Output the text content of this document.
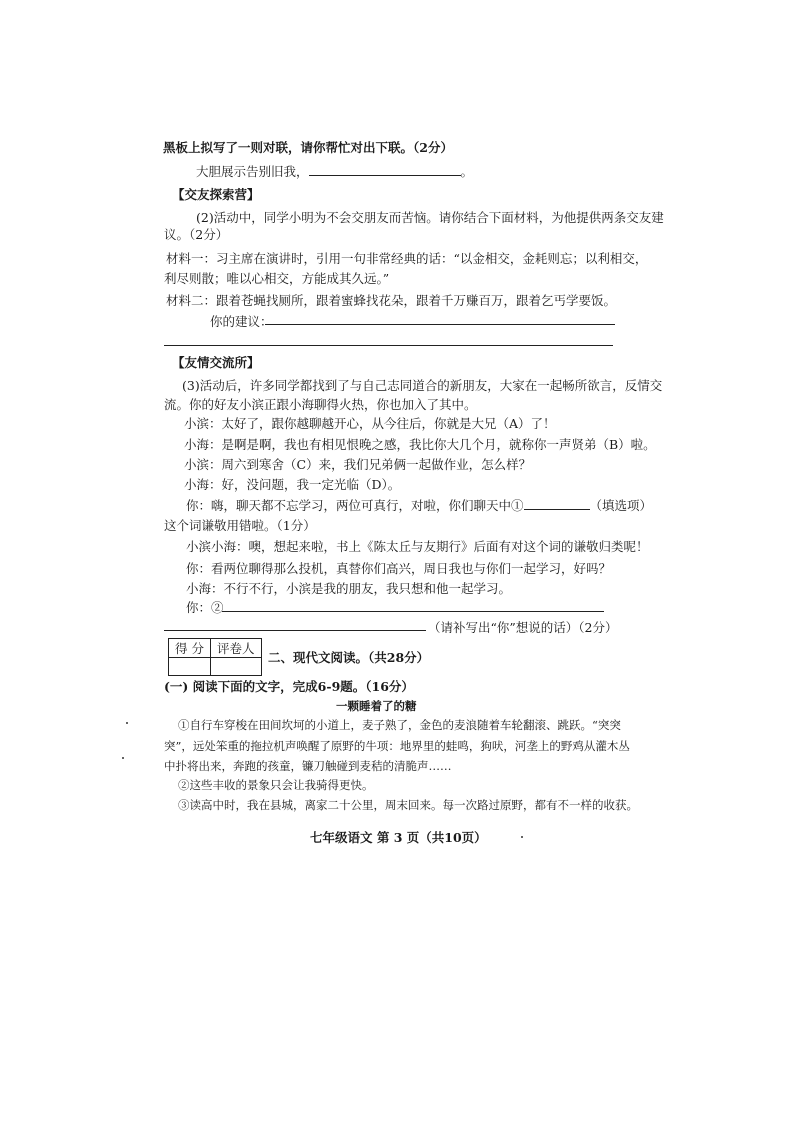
黑板上拟写了一则对联，请你帮忙对出下联。（2分）
大胆展示告别旧我，	。
【交友探索营】
(2)活动中，同学小明为不会交朋友而苦恼。请你结合下面材料，为他提供两条交友建
议。（2分）
材料一：习主席在演讲时，引用一句非常经典的话：“以金相交，金耗则忘；以利相交，
利尽则散；唯以心相交，方能成其久远。”
材料二：跟着苍蝇找厕所，跟着蜜蜂找花朵，跟着千万赚百万，跟着乞丐学要饭。
你的建议：
【友情交流所】
(3)活动后，许多同学都找到了与自己志同道合的新朋友，大家在一起畅所欲言，反情交
流。你的好友小滨正跟小海聊得火热，你也加入了其中。
小滨：太好了，跟你越聊越开心，从今往后，你就是大兄（A）了！
小海：是啊是啊，我也有相见恨晚之感，我比你大几个月，就称你一声贤弟（B）啦。
小滨：周六到寒舍（C）来，我们兄弟俩一起做作业，怎么样？
小海：好，没问题，我一定光临（D）。
你：嗨，聊天都不忘学习，两位可真行，对啦，你们聊天中①	（填选项）
这个词谦敬用错啦。（1分）
小滨小海：噢，想起来啦，书上《陈太丘与友期行》后面有对这个词的谦敬归类呢！
你：看两位聊得那么投机，真替你们高兴，周日我也与你们一起学习，好吗？
小海：不行不行，小滨是我的朋友，我只想和他一起学习。
你：②
（请补写出“你”想说的话）（2分）
得 分	评卷人

二、现代文阅读。（共28分）
(一) 阅读下面的文字，完成6-9题。（16分）
一颗睡着了的糖
①自行车穿梭在田间坎坷的小道上，麦子熟了，金色的麦浪随着车轮翻滚、跳跃。“突突
突”，远处笨重的拖拉机声唤醒了原野的牛项：地界里的蛙鸣，狗吠，河垄上的野鸡从灌木丛
中扑将出来，奔跑的孩童，镰刀触碰到麦秸的清脆声……
②这些丰收的景象只会让我骑得更快。
③读高中时，我在县城，离家二十公里，周末回来。每一次路过原野，都有不一样的收获。
七年级语文 第 3 页（共10页）
